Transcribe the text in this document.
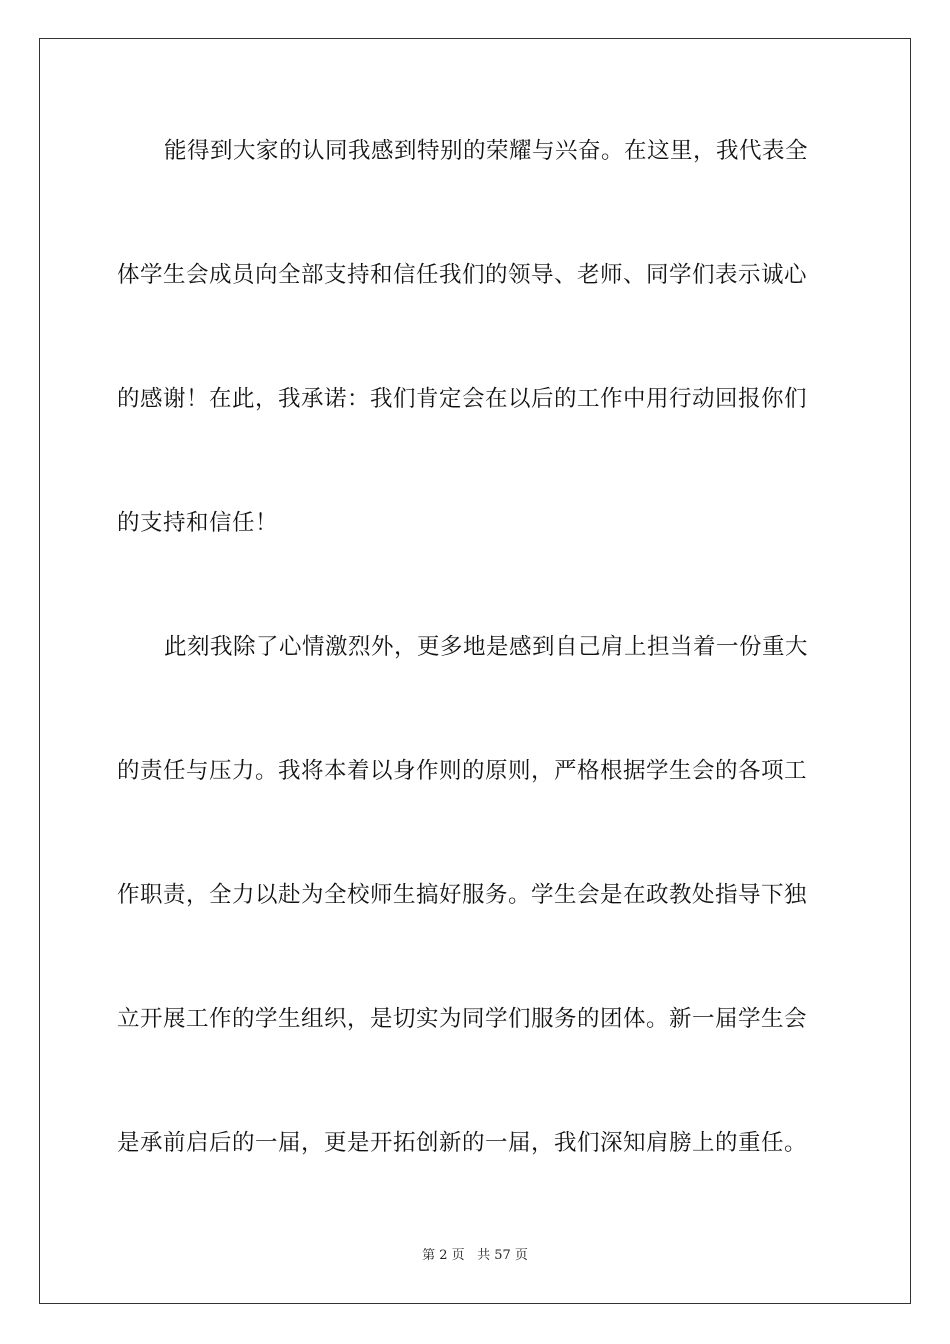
能得到大家的认同我感到特别的荣耀与兴奋。在这里，我代表全
体学生会成员向全部支持和信任我们的领导、老师、同学们表示诚心
的感谢！在此，我承诺：我们肯定会在以后的工作中用行动回报你们
的支持和信任！
此刻我除了心情激烈外，更多地是感到自己肩上担当着一份重大
的责任与压力。我将本着以身作则的原则，严格根据学生会的各项工
作职责，全力以赴为全校师生搞好服务。学生会是在政教处指导下独
立开展工作的学生组织，是切实为同学们服务的团体。新一届学生会
是承前启后的一届，更是开拓创新的一届，我们深知肩膀上的重任。
第 2 页 共 57 页
